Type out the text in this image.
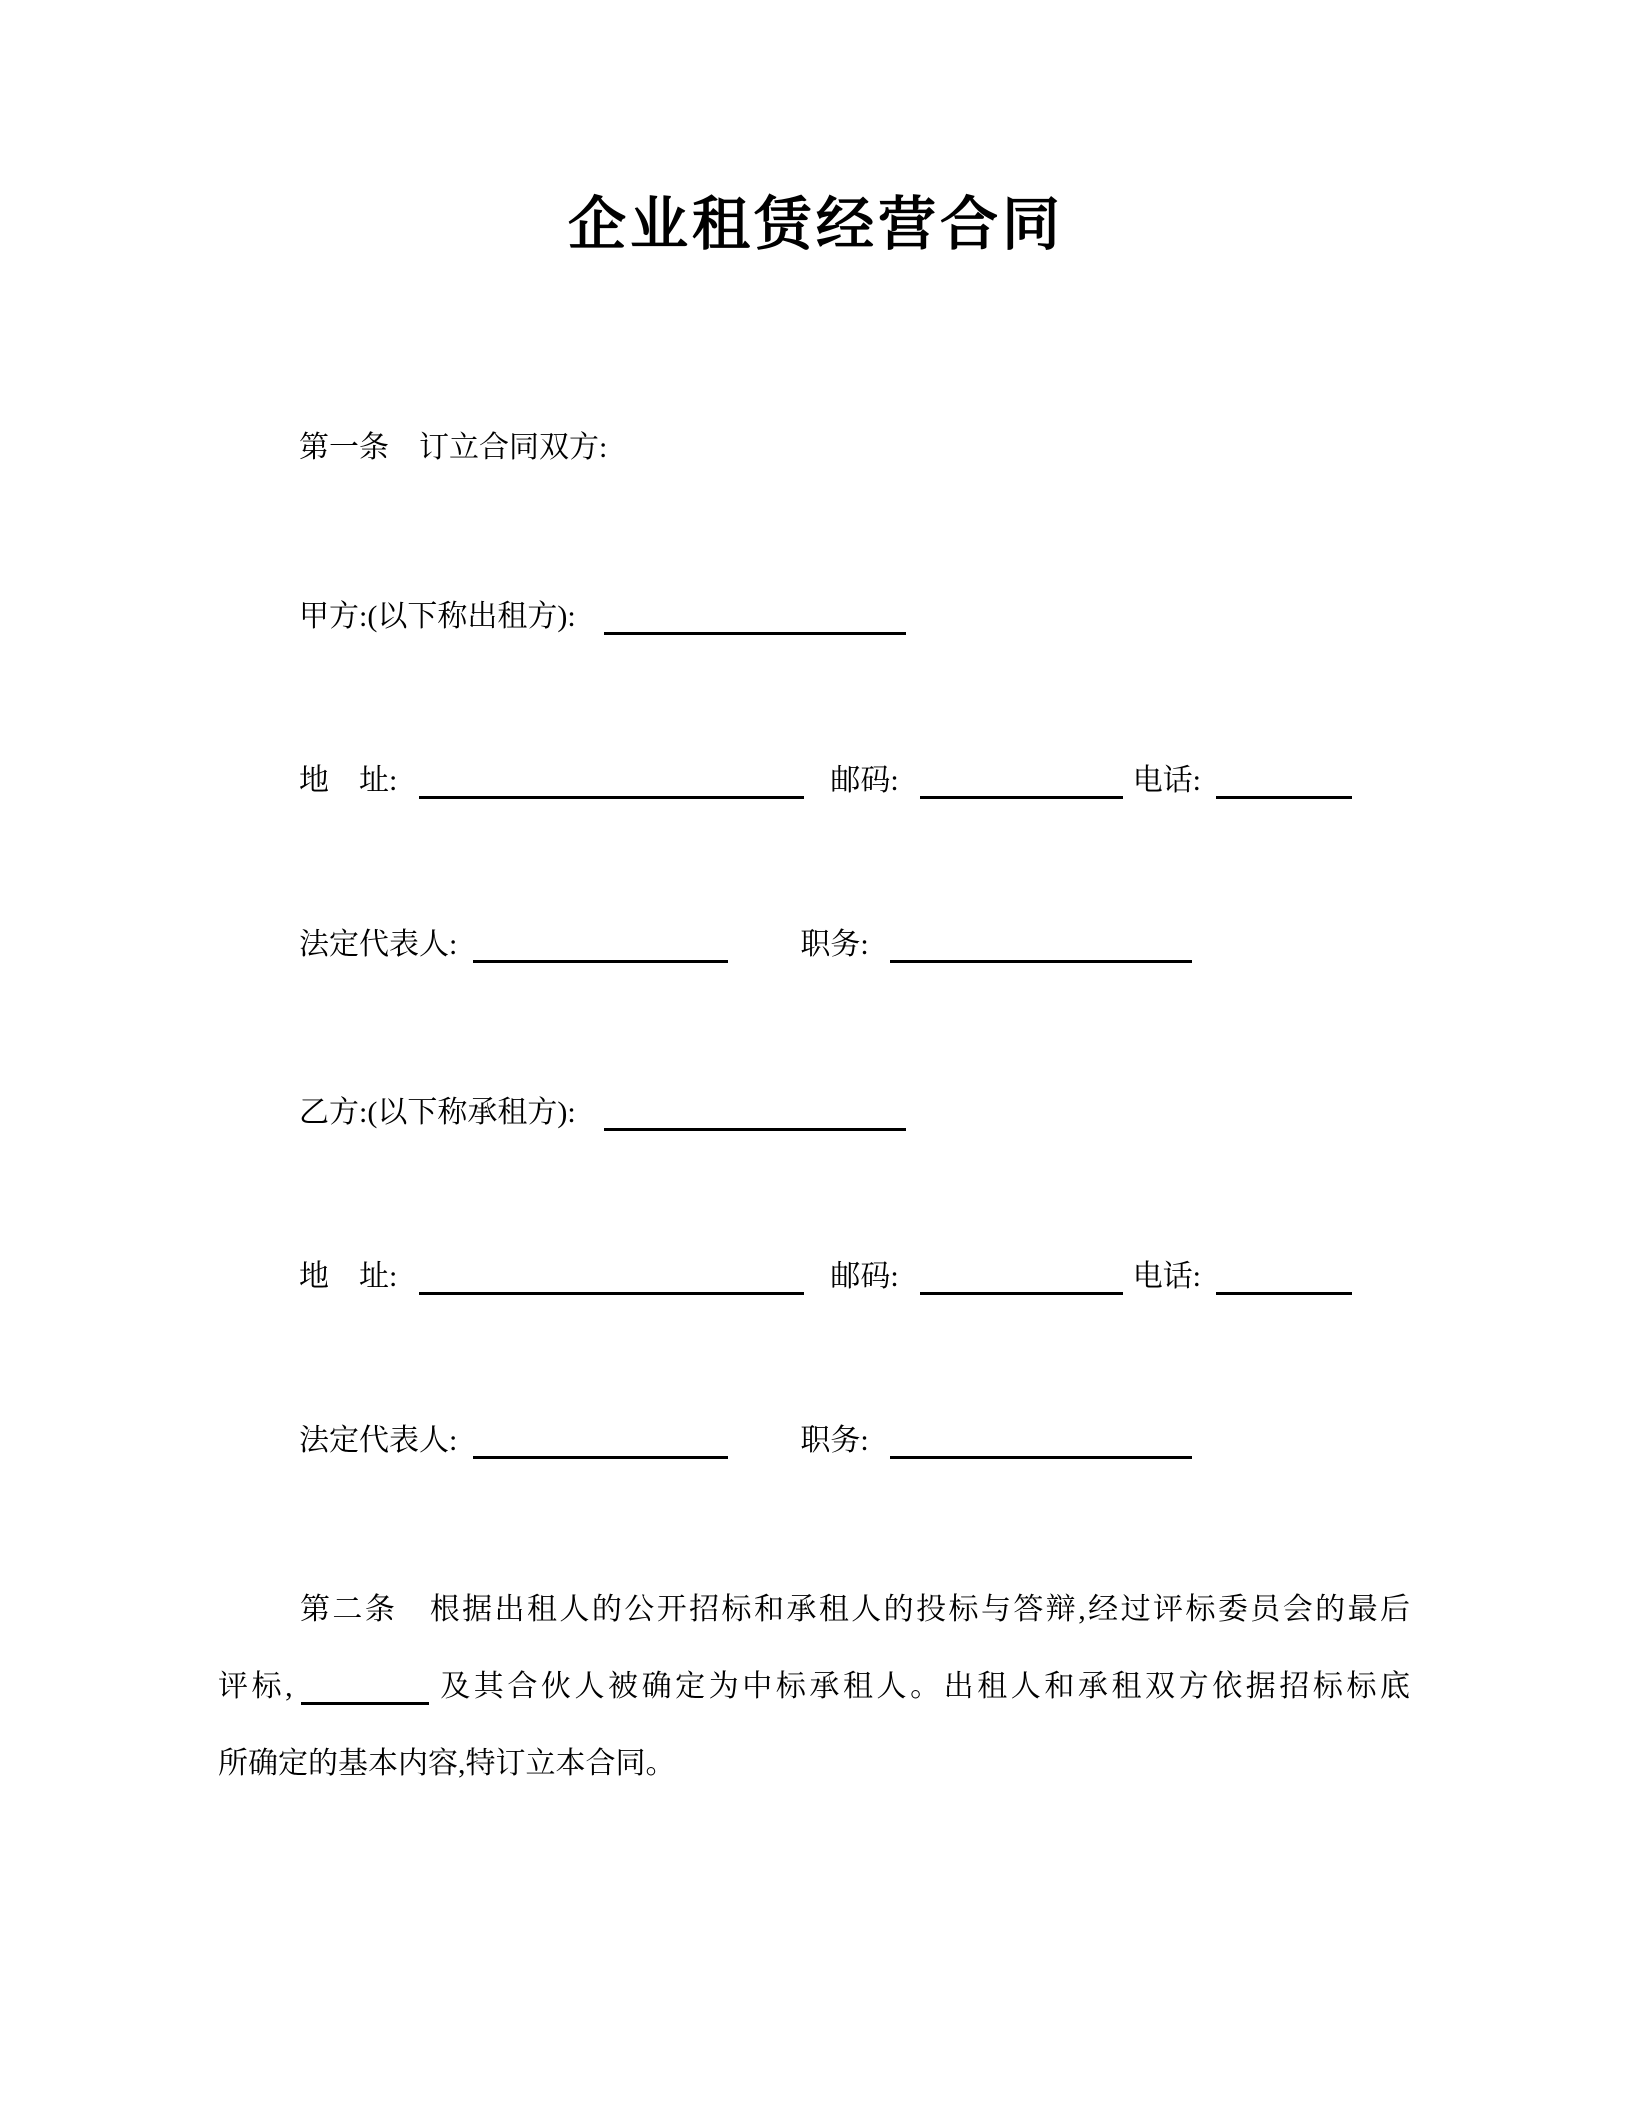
企业租赁经营合同
第一条　订立合同双方:
甲方:(以下称出租方):
地　址:	邮码:	电话:
法定代表人:	职务:
乙方:(以下称承租方):
地　址:	邮码:	电话:
法定代表人:	职务:
第二条　根据出租人的公开招标和承租人的投标与答辩,经过评标委员会的最后
评标,	及其合伙人被确定为中标承租人。出租人和承租双方依据招标标底
所确定的基本内容,特订立本合同。
